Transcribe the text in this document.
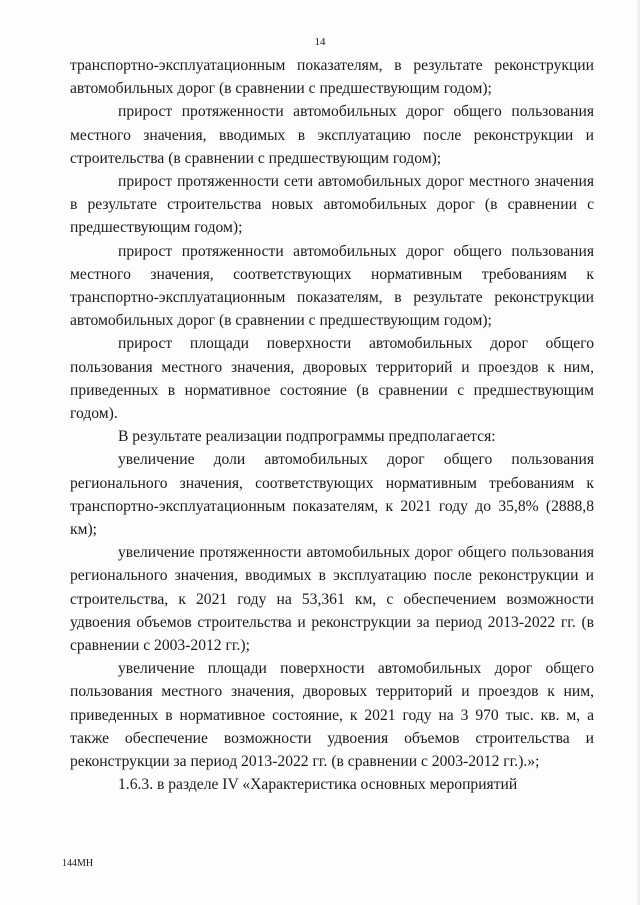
14

транспортно-эксплуатационным показателям, в результате реконструкции автомобильных дорог (в сравнении с предшествующим годом);

прирост протяженности автомобильных дорог общего пользования местного значения, вводимых в эксплуатацию после реконструкции и строительства (в сравнении с предшествующим годом);

прирост протяженности сети автомобильных дорог местного значения в результате строительства новых автомобильных дорог (в сравнении с предшествующим годом);

прирост протяженности автомобильных дорог общего пользования местного значения, соответствующих нормативным требованиям к транспортно-эксплуатационным показателям, в результате реконструкции автомобильных дорог (в сравнении с предшествующим годом);

прирост площади поверхности автомобильных дорог общего пользования местного значения, дворовых территорий и проездов к ним, приведенных в нормативное состояние (в сравнении с предшествующим годом).

В результате реализации подпрограммы предполагается:

увеличение доли автомобильных дорог общего пользования регионального значения, соответствующих нормативным требованиям к транспортно-эксплуатационным показателям, к 2021 году до 35,8% (2888,8 км);

увеличение протяженности автомобильных дорог общего пользования регионального значения, вводимых в эксплуатацию после реконструкции и строительства, к 2021 году на 53,361 км, с обеспечением возможности удвоения объемов строительства и реконструкции за период 2013-2022 гг. (в сравнении с 2003-2012 гг.);

увеличение площади поверхности автомобильных дорог общего пользования местного значения, дворовых территорий и проездов к ним, приведенных в нормативное состояние, к 2021 году на 3 970 тыс. кв. м, а также обеспечение возможности удвоения объемов строительства и реконструкции за период 2013-2022 гг. (в сравнении с 2003-2012 гг.).»;

1.6.3. в разделе IV «Характеристика основных мероприятий

144МН
